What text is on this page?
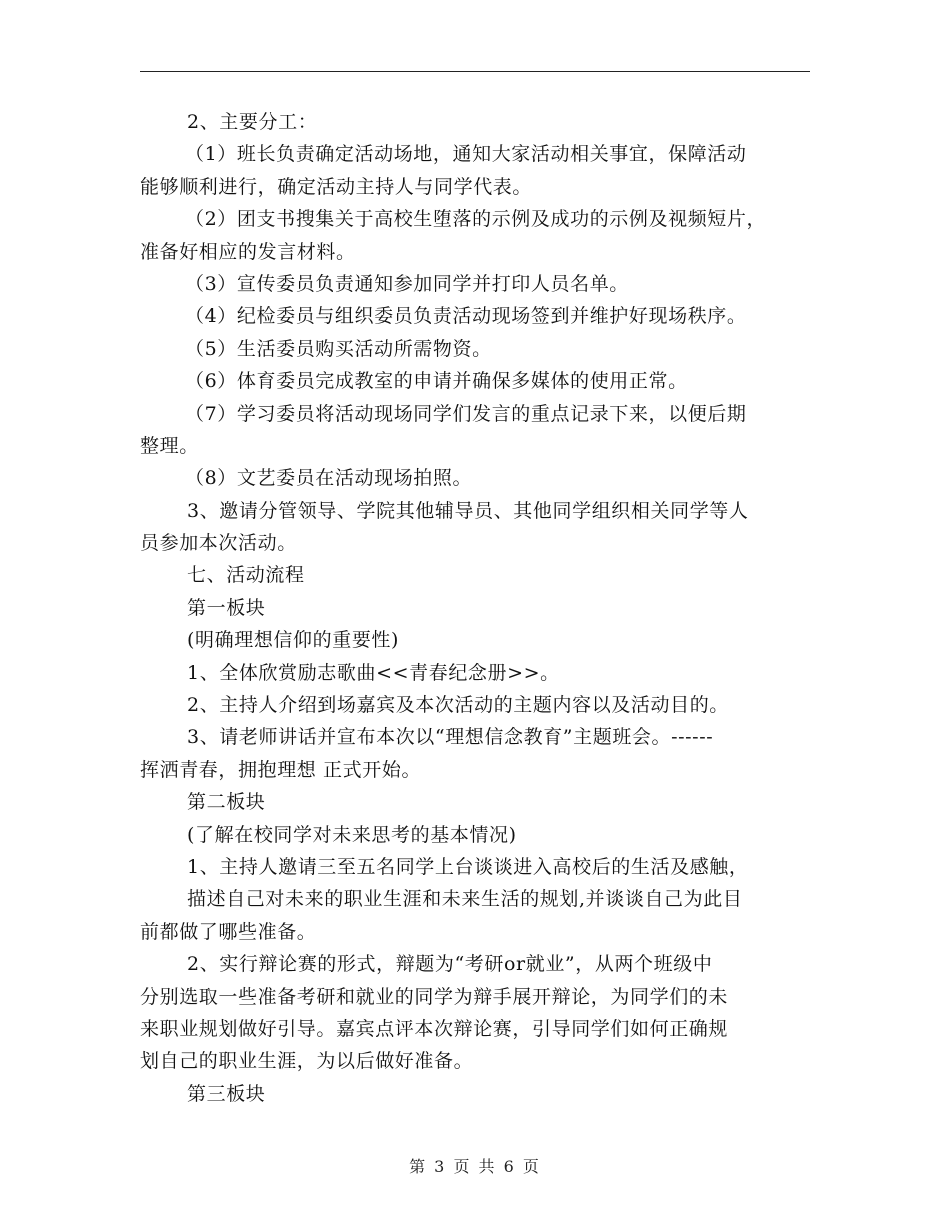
2、主要分工：
（1）班长负责确定活动场地，通知大家活动相关事宜，保障活动
能够顺利进行，确定活动主持人与同学代表。
（2）团支书搜集关于高校生堕落的示例及成功的示例及视频短片，
准备好相应的发言材料。
（3）宣传委员负责通知参加同学并打印人员名单。
（4）纪检委员与组织委员负责活动现场签到并维护好现场秩序。
（5）生活委员购买活动所需物资。
（6）体育委员完成教室的申请并确保多媒体的使用正常。
（7）学习委员将活动现场同学们发言的重点记录下来，以便后期
整理。
（8）文艺委员在活动现场拍照。
3、邀请分管领导、学院其他辅导员、其他同学组织相关同学等人
员参加本次活动。
七、活动流程
第一板块
(明确理想信仰的重要性)
1、全体欣赏励志歌曲<<青春纪念册>>。
2、主持人介绍到场嘉宾及本次活动的主题内容以及活动目的。
3、请老师讲话并宣布本次以“理想信念教育”主题班会。------
挥洒青春，拥抱理想 正式开始。
第二板块
(了解在校同学对未来思考的基本情况)
1、主持人邀请三至五名同学上台谈谈进入高校后的生活及感触，
描述自己对未来的职业生涯和未来生活的规划,并谈谈自己为此目
前都做了哪些准备。
2、实行辩论赛的形式，辩题为“考研or就业”，从两个班级中
分别选取一些准备考研和就业的同学为辩手展开辩论，为同学们的未
来职业规划做好引导。嘉宾点评本次辩论赛，引导同学们如何正确规
划自己的职业生涯，为以后做好准备。
第三板块
第 3 页 共 6 页
